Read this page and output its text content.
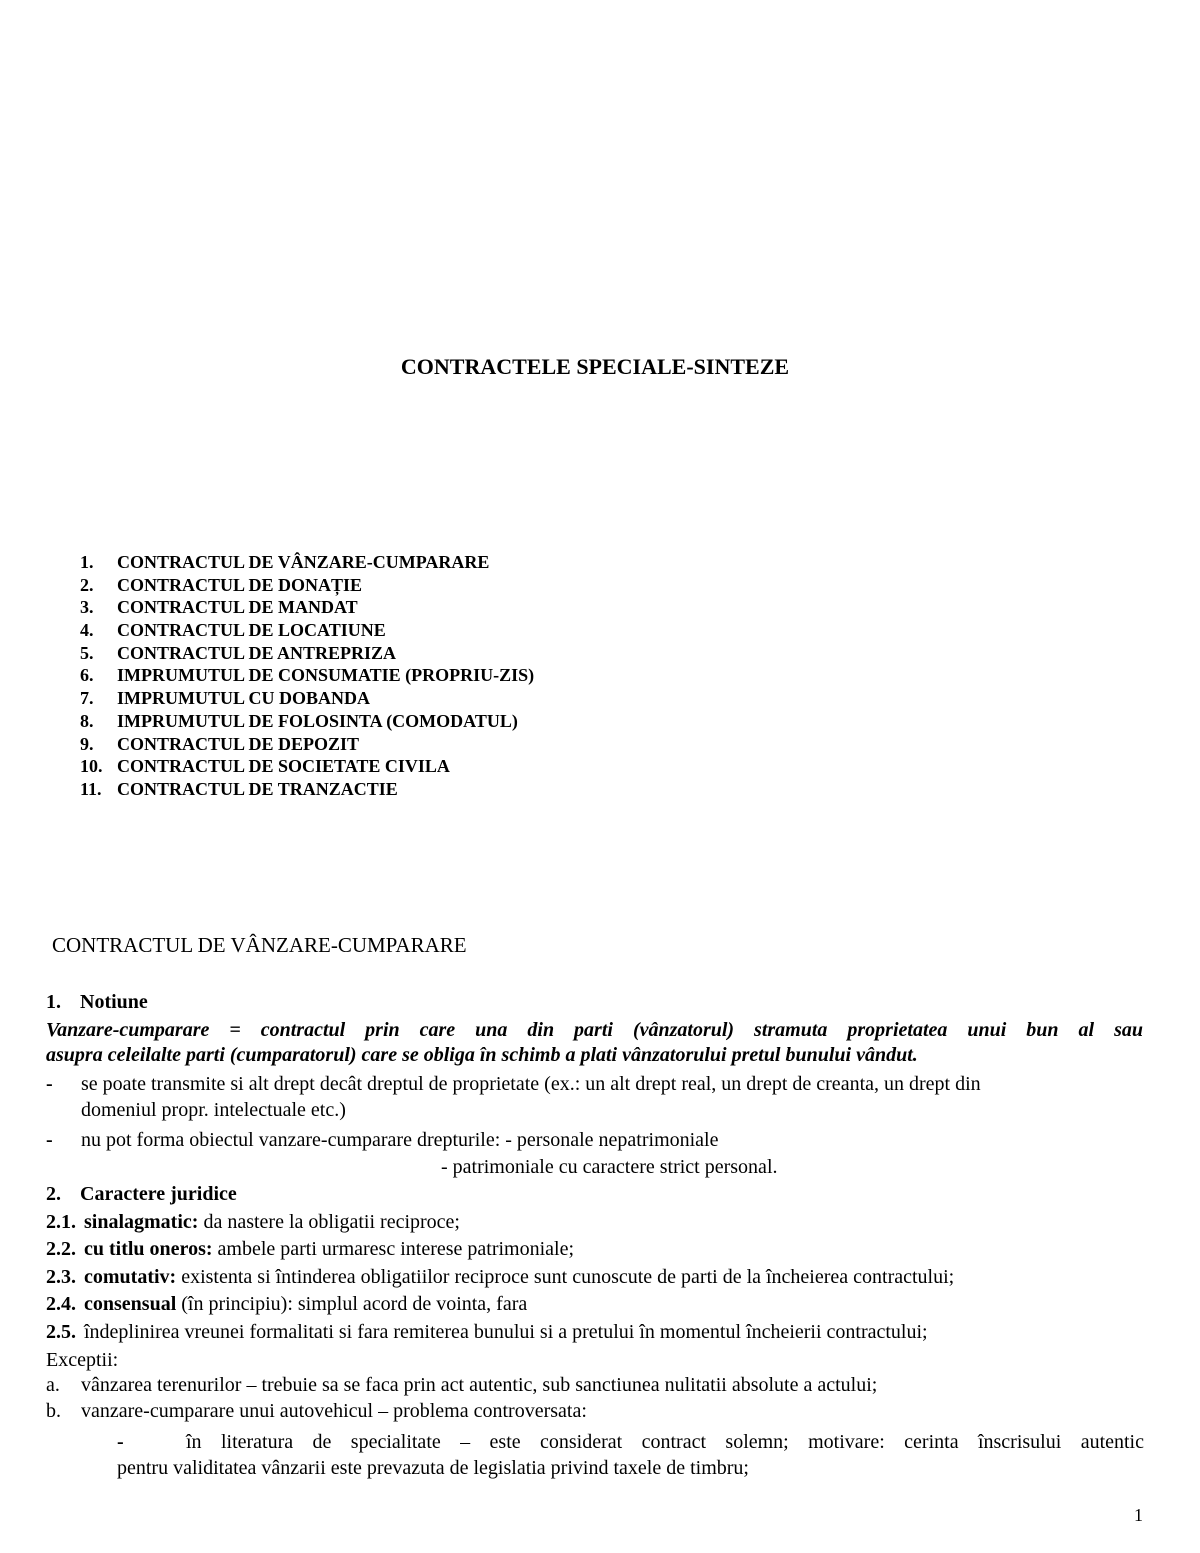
CONTRACTELE SPECIALE-SINTEZE
1. CONTRACTUL DE VÂNZARE-CUMPARARE
2. CONTRACTUL DE DONAȚIE
3. CONTRACTUL DE MANDAT
4. CONTRACTUL DE LOCATIUNE
5. CONTRACTUL DE ANTREPRIZA
6. IMPRUMUTUL DE CONSUMATIE (PROPRIU-ZIS)
7. IMPRUMUTUL CU DOBANDA
8. IMPRUMUTUL DE FOLOSINTA (COMODATUL)
9. CONTRACTUL DE DEPOZIT
10. CONTRACTUL DE SOCIETATE CIVILA
11. CONTRACTUL DE TRANZACTIE
CONTRACTUL DE VÂNZARE-CUMPARARE
1. Notiune
Vanzare-cumparare = contractul prin care una din parti (vânzatorul) stramuta proprietatea unui bun al sau
asupra celeilalte parti (cumparatorul) care se obliga în schimb a plati vânzatorului pretul bunului vândut.
- se poate transmite si alt drept decât dreptul de proprietate (ex.: un alt drept real, un drept de creanta, un drept din
domeniul propr. intelectuale etc.)
- nu pot forma obiectul vanzare-cumparare drepturile: - personale nepatrimoniale
- patrimoniale cu caractere strict personal.
2. Caractere juridice
2.1. sinalagmatic: da nastere la obligatii reciproce;
2.2. cu titlu oneros: ambele parti urmaresc interese patrimoniale;
2.3. comutativ: existenta si întinderea obligatiilor reciproce sunt cunoscute de parti de la încheierea contractului;
2.4. consensual (în principiu): simplul acord de vointa, fara
2.5. îndeplinirea vreunei formalitati si fara remiterea bunului si a pretului în momentul încheierii contractului;
Exceptii:
a. vânzarea terenurilor – trebuie sa se faca prin act autentic, sub sanctiunea nulitatii absolute a actului;
b. vanzare-cumparare unui autovehicul – problema controversata:
-	în literatura de specialitate – este considerat contract solemn; motivare: cerinta înscrisului autentic
pentru validitatea vânzarii este prevazuta de legislatia privind taxele de timbru;
1
